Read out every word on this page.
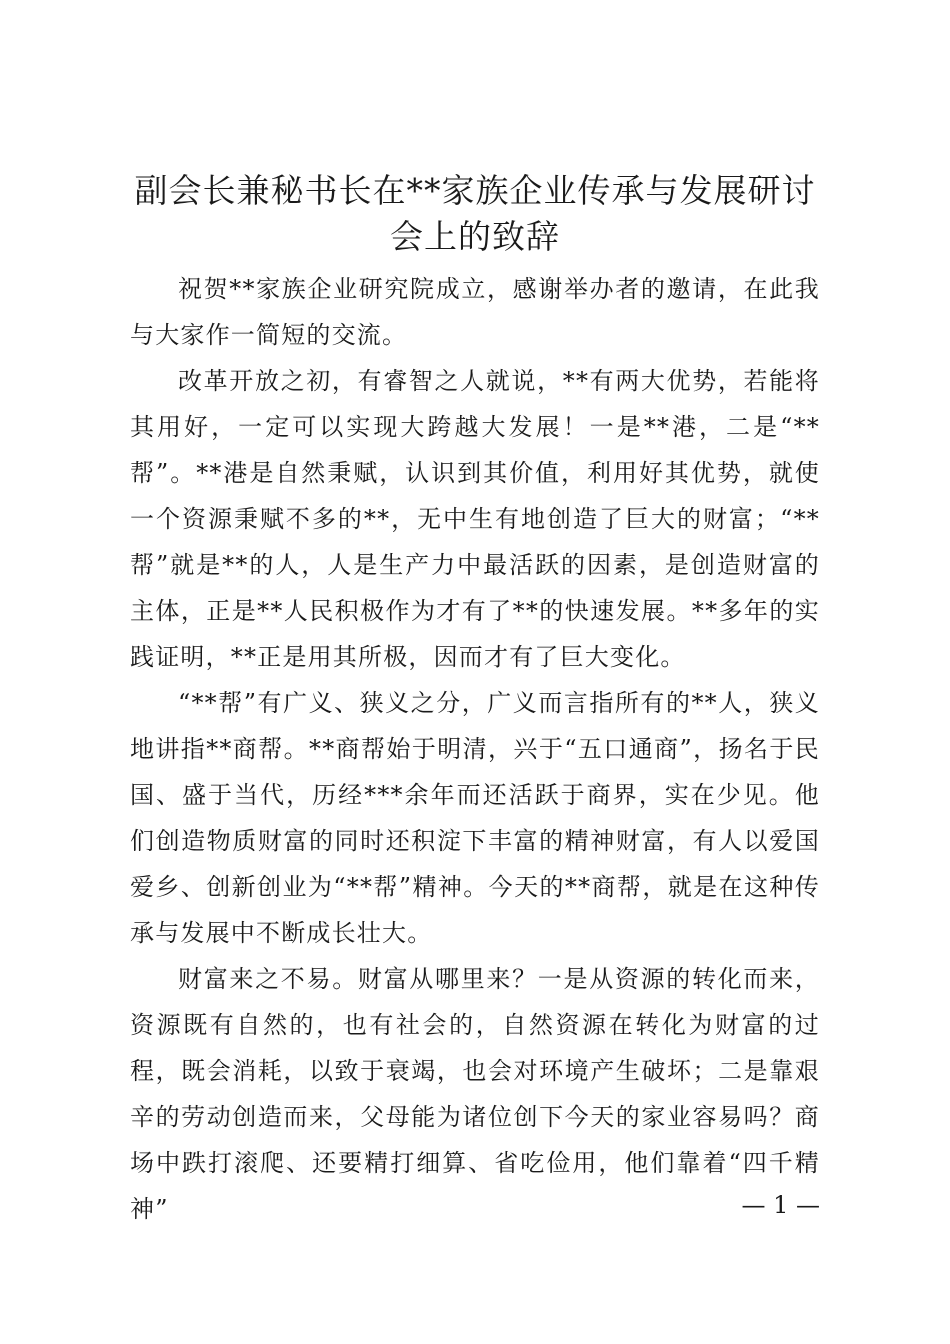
副会长兼秘书长在**家族企业传承与发展研讨
会上的致辞

祝贺**家族企业研究院成立，感谢举办者的邀请，在此我与大家作一简短的交流。

改革开放之初，有睿智之人就说，**有两大优势，若能将其用好，一定可以实现大跨越大发展！一是**港，二是“**帮”。**港是自然秉赋，认识到其价值，利用好其优势，就使一个资源秉赋不多的**，无中生有地创造了巨大的财富；“**帮”就是**的人，人是生产力中最活跃的因素，是创造财富的主体，正是**人民积极作为才有了**的快速发展。**多年的实践证明，**正是用其所极，因而才有了巨大变化。

“**帮”有广义、狭义之分，广义而言指所有的**人，狭义地讲指**商帮。**商帮始于明清，兴于“五口通商”，扬名于民国、盛于当代，历经***余年而还活跃于商界，实在少见。他们创造物质财富的同时还积淀下丰富的精神财富，有人以爱国爱乡、创新创业为“**帮”精神。今天的**商帮，就是在这种传承与发展中不断成长壮大。

财富来之不易。财富从哪里来？一是从资源的转化而来，资源既有自然的，也有社会的，自然资源在转化为财富的过程，既会消耗，以致于衰竭，也会对环境产生破坏；二是靠艰辛的劳动创造而来，父母能为诸位创下今天的家业容易吗？商场中跌打滚爬、还要精打细算、省吃俭用，他们靠着“四千精神”	— 1 —
